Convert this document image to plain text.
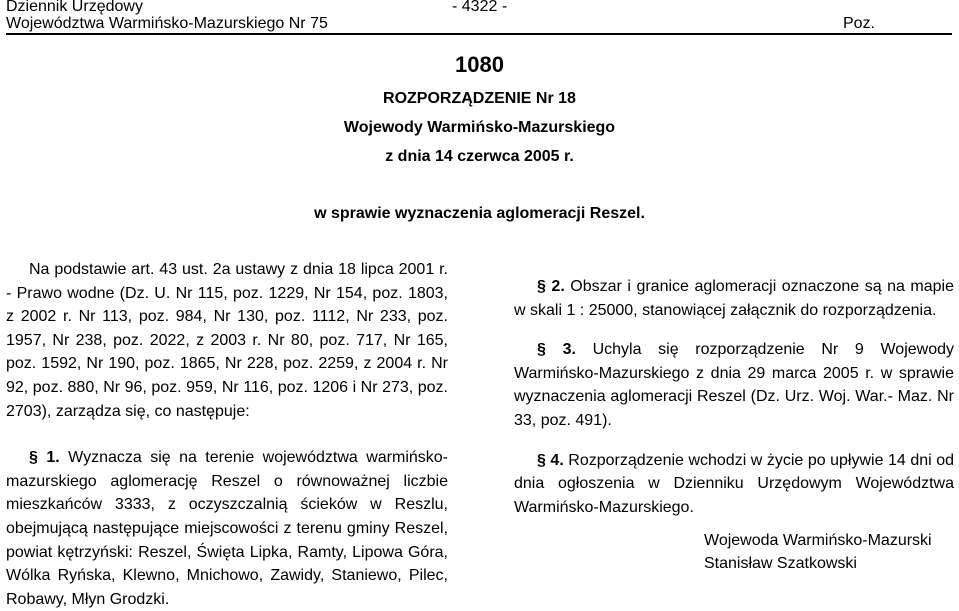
Dziennik Urzędowy
Województwa Warmińsko-Mazurskiego Nr 75
- 4322 -
Poz.
1080
ROZPORZĄDZENIE Nr 18
Wojewody Warmińsko-Mazurskiego
z dnia 14 czerwca 2005 r.
w sprawie wyznaczenia aglomeracji Reszel.

Na podstawie art. 43 ust. 2a ustawy z dnia 18 lipca 2001 r. - Prawo wodne (Dz. U. Nr 115, poz. 1229, Nr 154, poz. 1803, z 2002 r. Nr 113, poz. 984, Nr 130, poz. 1112, Nr 233, poz. 1957, Nr 238, poz. 2022, z 2003 r. Nr 80, poz. 717, Nr 165, poz. 1592, Nr 190, poz. 1865, Nr 228, poz. 2259, z 2004 r. Nr 92, poz. 880, Nr 96, poz. 959, Nr 116, poz. 1206 i Nr 273, poz. 2703), zarządza się, co następuje:

§ 1. Wyznacza się na terenie województwa warmińsko-mazurskiego aglomerację Reszel o równoważnej liczbie mieszkańców 3333, z oczyszczalnią ścieków w Reszlu, obejmującą następujące miejscowości z terenu gminy Reszel, powiat kętrzyński: Reszel, Święta Lipka, Ramty, Lipowa Góra, Wólka Ryńska, Klewno, Mnichowo, Zawidy, Staniewo, Pilec, Robawy, Młyn Grodzki.

§ 2. Obszar i granice aglomeracji oznaczone są na mapie w skali 1 : 25000, stanowiącej załącznik do rozporządzenia.

§ 3. Uchyla się rozporządzenie Nr 9 Wojewody Warmińsko-Mazurskiego z dnia 29 marca 2005 r. w sprawie wyznaczenia aglomeracji Reszel (Dz. Urz. Woj. War.- Maz. Nr 33, poz. 491).

§ 4. Rozporządzenie wchodzi w życie po upływie 14 dni od dnia ogłoszenia w Dzienniku Urzędowym Województwa Warmińsko-Mazurskiego.

Wojewoda Warmińsko-Mazurski
Stanisław Szatkowski
